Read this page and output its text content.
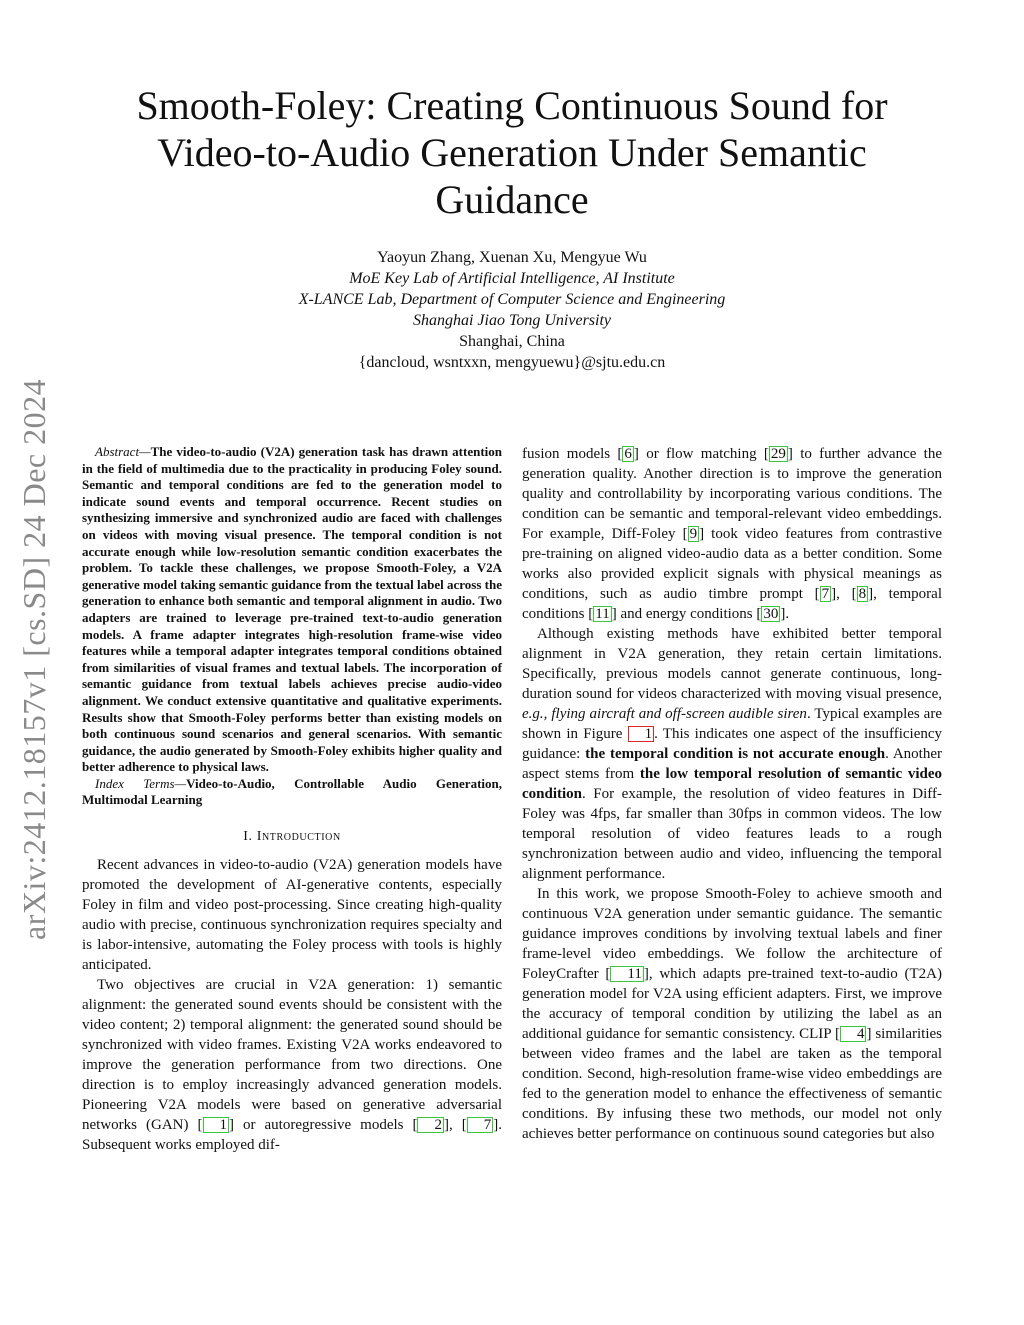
arXiv:2412.18157v1 [cs.SD] 24 Dec 2024
Smooth-Foley: Creating Continuous Sound for Video-to-Audio Generation Under Semantic Guidance
Yaoyun Zhang, Xuenan Xu, Mengyue Wu
MoE Key Lab of Artificial Intelligence, AI Institute
X-LANCE Lab, Department of Computer Science and Engineering
Shanghai Jiao Tong University
Shanghai, China
{dancloud, wsntxxn, mengyuewu}@sjtu.edu.cn

Abstract—The video-to-audio (V2A) generation task has drawn attention in the field of multimedia due to the practicality in producing Foley sound. Semantic and temporal conditions are fed to the generation model to indicate sound events and temporal occurrence. Recent studies on synthesizing immersive and synchronized audio are faced with challenges on videos with moving visual presence. The temporal condition is not accurate enough while low-resolution semantic condition exacerbates the problem. To tackle these challenges, we propose Smooth-Foley, a V2A generative model taking semantic guidance from the textual label across the generation to enhance both semantic and temporal alignment in audio. Two adapters are trained to leverage pre-trained text-to-audio generation models. A frame adapter integrates high-resolution frame-wise video features while a temporal adapter integrates temporal conditions obtained from similarities of visual frames and textual labels. The incorporation of semantic guidance from textual labels achieves precise audio-video alignment. We conduct extensive quantitative and qualitative experiments. Results show that Smooth-Foley performs better than existing models on both continuous sound scenarios and general scenarios. With semantic guidance, the audio generated by Smooth-Foley exhibits higher quality and better adherence to physical laws.

Index Terms—Video-to-Audio, Controllable Audio Generation, Multimodal Learning

I. Introduction

Recent advances in video-to-audio (V2A) generation models have promoted the development of AI-generative contents, especially Foley in film and video post-processing. Since creating high-quality audio with precise, continuous synchronization requires specialty and is labor-intensive, automating the Foley process with tools is highly anticipated.

Two objectives are crucial in V2A generation: 1) semantic alignment: the generated sound events should be consistent with the video content; 2) temporal alignment: the generated sound should be synchronized with video frames. Existing V2A works endeavored to improve the generation performance from two directions. One direction is to employ increasingly advanced generation models. Pioneering V2A models were based on generative adversarial networks (GAN) [ 1 ] or autoregressive models [ 2 ], [ 7 ]. Subsequent works employed dif-

fusion models [ 6 ] or flow matching [ 29 ] to further advance the generation quality. Another direction is to improve the generation quality and controllability by incorporating various conditions. The condition can be semantic and temporal-relevant video embeddings. For example, Diff-Foley [ 9 ] took video features from contrastive pre-training on aligned video-audio data as a better condition. Some works also provided explicit signals with physical meanings as conditions, such as audio timbre prompt [ 7 ], [ 8 ], temporal conditions [ 11 ] and energy conditions [ 30 ].

Although existing methods have exhibited better temporal alignment in V2A generation, they retain certain limitations. Specifically, previous models cannot generate continuous, long-duration sound for videos characterized with moving visual presence, e.g., flying aircraft and off-screen audible siren. Typical examples are shown in Figure 1 . This indicates one aspect of the insufficiency guidance: the temporal condition is not accurate enough. Another aspect stems from the low temporal resolution of semantic video condition. For example, the resolution of video features in Diff-Foley was 4fps, far smaller than 30fps in common videos. The low temporal resolution of video features leads to a rough synchronization between audio and video, influencing the temporal alignment performance.

In this work, we propose Smooth-Foley to achieve smooth and continuous V2A generation under semantic guidance. The semantic guidance improves conditions by involving textual labels and finer frame-level video embeddings. We follow the architecture of FoleyCrafter [ 11 ], which adapts pre-trained text-to-audio (T2A) generation model for V2A using efficient adapters. First, we improve the accuracy of temporal condition by utilizing the label as an additional guidance for semantic consistency. CLIP [ 4 ] similarities between video frames and the label are taken as the temporal condition. Second, high-resolution frame-wise video embeddings are fed to the generation model to enhance the effectiveness of semantic conditions. By infusing these two methods, our model not only achieves better performance on continuous sound categories but also
